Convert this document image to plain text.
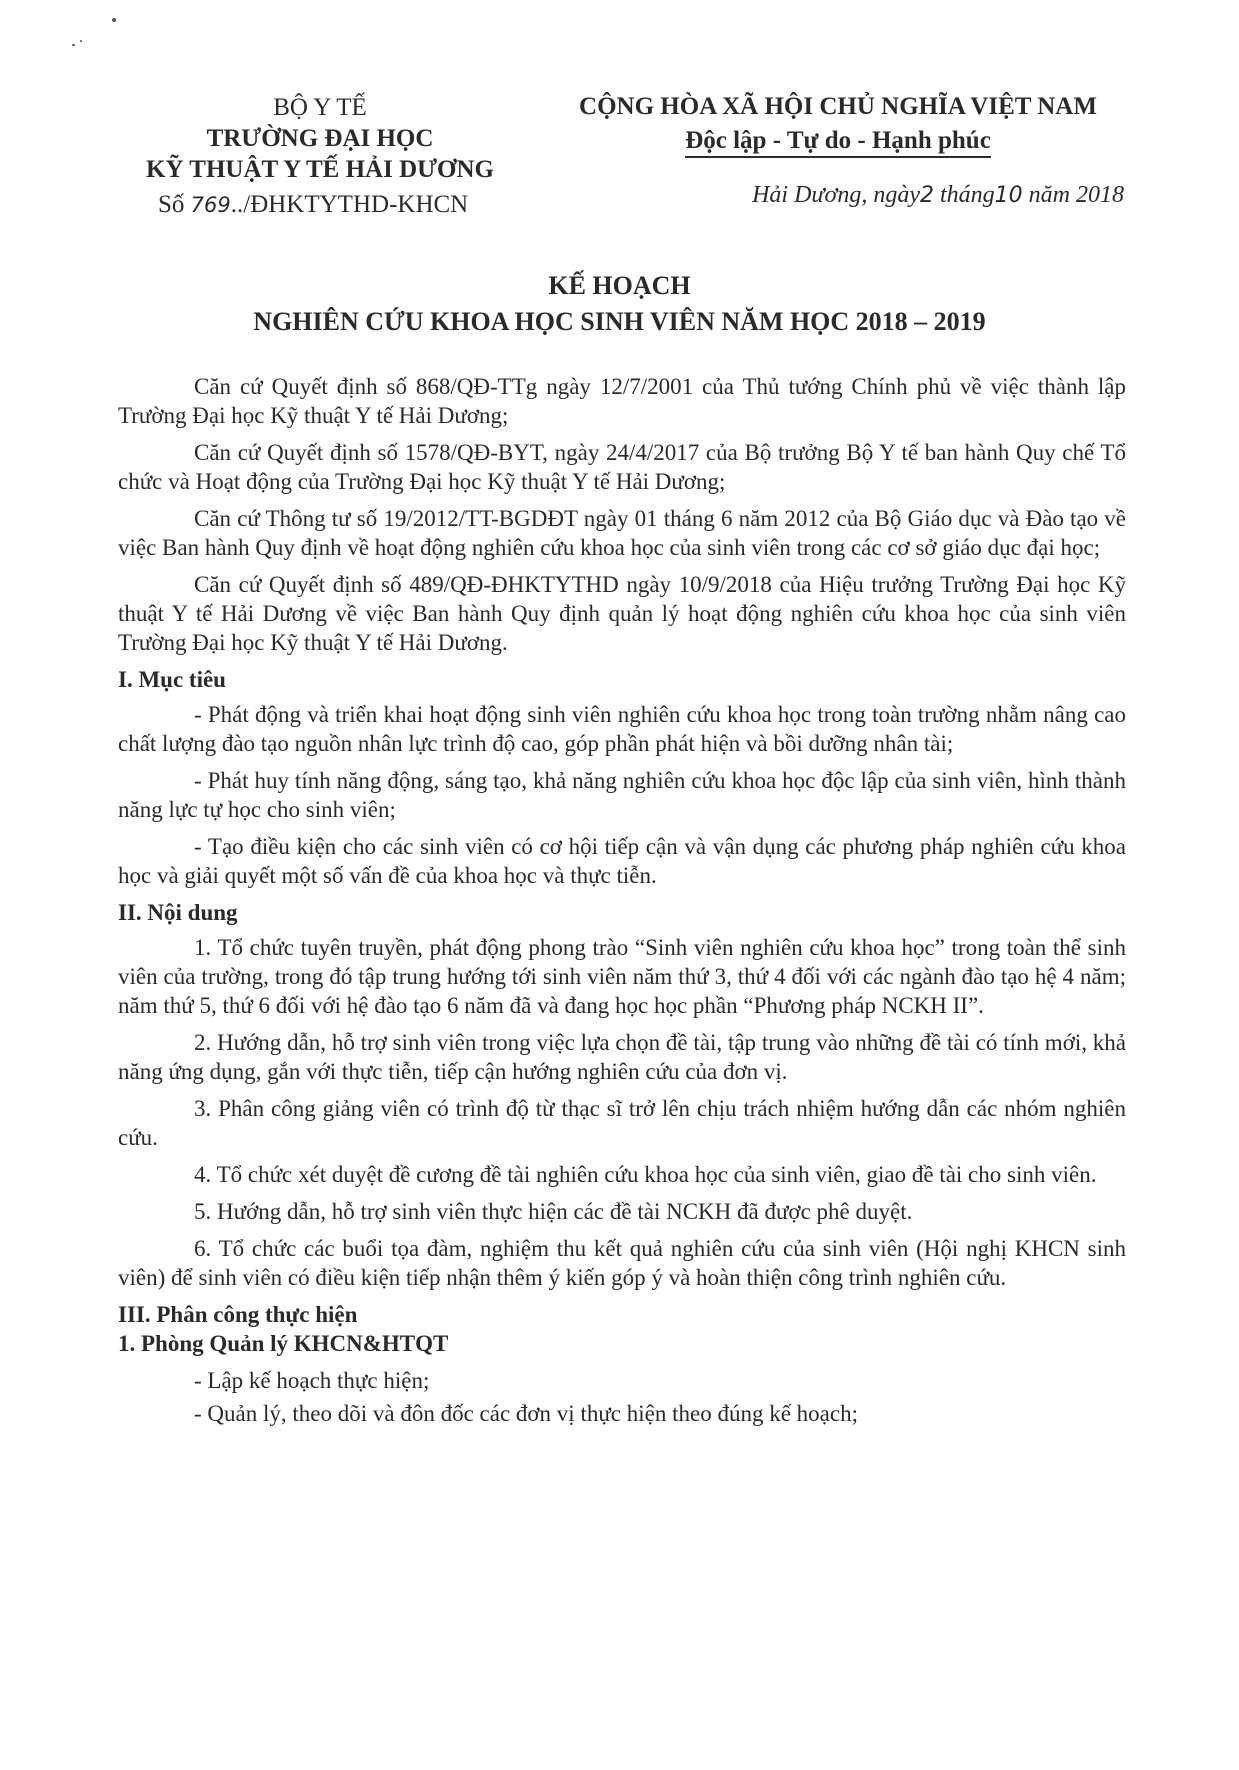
BỘ Y TẾ
TRƯỜNG ĐẠI HỌC
KỸ THUẬT Y TẾ HẢI DƯƠNG
Số 769../ĐHKTYTHD-KHCN
CỘNG HÒA XÃ HỘI CHỦ NGHĨA VIỆT NAM
Độc lập - Tự do - Hạnh phúc
Hải Dương, ngày2 tháng10 năm 2018
KẾ HOẠCH
NGHIÊN CỨU KHOA HỌC SINH VIÊN NĂM HỌC 2018 – 2019

Căn cứ Quyết định số 868/QĐ-TTg ngày 12/7/2001 của Thủ tướng Chính phủ về việc thành lập Trường Đại học Kỹ thuật Y tế Hải Dương;

Căn cứ Quyết định số 1578/QĐ-BYT, ngày 24/4/2017 của Bộ trưởng Bộ Y tế ban hành Quy chế Tổ chức và Hoạt động của Trường Đại học Kỹ thuật Y tế Hải Dương;

Căn cứ Thông tư số 19/2012/TT-BGDĐT ngày 01 tháng 6 năm 2012 của Bộ Giáo dục và Đào tạo về việc Ban hành Quy định về hoạt động nghiên cứu khoa học của sinh viên trong các cơ sở giáo dục đại học;

Căn cứ Quyết định số 489/QĐ-ĐHKTYTHD ngày 10/9/2018 của Hiệu trưởng Trường Đại học Kỹ thuật Y tế Hải Dương về việc Ban hành Quy định quản lý hoạt động nghiên cứu khoa học của sinh viên Trường Đại học Kỹ thuật Y tế Hải Dương.

I. Mục tiêu

- Phát động và triển khai hoạt động sinh viên nghiên cứu khoa học trong toàn trường nhằm nâng cao chất lượng đào tạo nguồn nhân lực trình độ cao, góp phần phát hiện và bồi dưỡng nhân tài;

- Phát huy tính năng động, sáng tạo, khả năng nghiên cứu khoa học độc lập của sinh viên, hình thành năng lực tự học cho sinh viên;

- Tạo điều kiện cho các sinh viên có cơ hội tiếp cận và vận dụng các phương pháp nghiên cứu khoa học và giải quyết một số vấn đề của khoa học và thực tiễn.

II. Nội dung

1. Tổ chức tuyên truyền, phát động phong trào “Sinh viên nghiên cứu khoa học” trong toàn thể sinh viên của trường, trong đó tập trung hướng tới sinh viên năm thứ 3, thứ 4 đối với các ngành đào tạo hệ 4 năm; năm thứ 5, thứ 6 đối với hệ đào tạo 6 năm đã và đang học học phần “Phương pháp NCKH II”.

2. Hướng dẫn, hỗ trợ sinh viên trong việc lựa chọn đề tài, tập trung vào những đề tài có tính mới, khả năng ứng dụng, gắn với thực tiễn, tiếp cận hướng nghiên cứu của đơn vị.

3. Phân công giảng viên có trình độ từ thạc sĩ trở lên chịu trách nhiệm hướng dẫn các nhóm nghiên cứu.

4. Tổ chức xét duyệt đề cương đề tài nghiên cứu khoa học của sinh viên, giao đề tài cho sinh viên.

5. Hướng dẫn, hỗ trợ sinh viên thực hiện các đề tài NCKH đã được phê duyệt.

6. Tổ chức các buổi tọa đàm, nghiệm thu kết quả nghiên cứu của sinh viên (Hội nghị KHCN sinh viên) để sinh viên có điều kiện tiếp nhận thêm ý kiến góp ý và hoàn thiện công trình nghiên cứu.

III. Phân công thực hiện

1. Phòng Quản lý KHCN&HTQT

- Lập kế hoạch thực hiện;

- Quản lý, theo dõi và đôn đốc các đơn vị thực hiện theo đúng kế hoạch;
